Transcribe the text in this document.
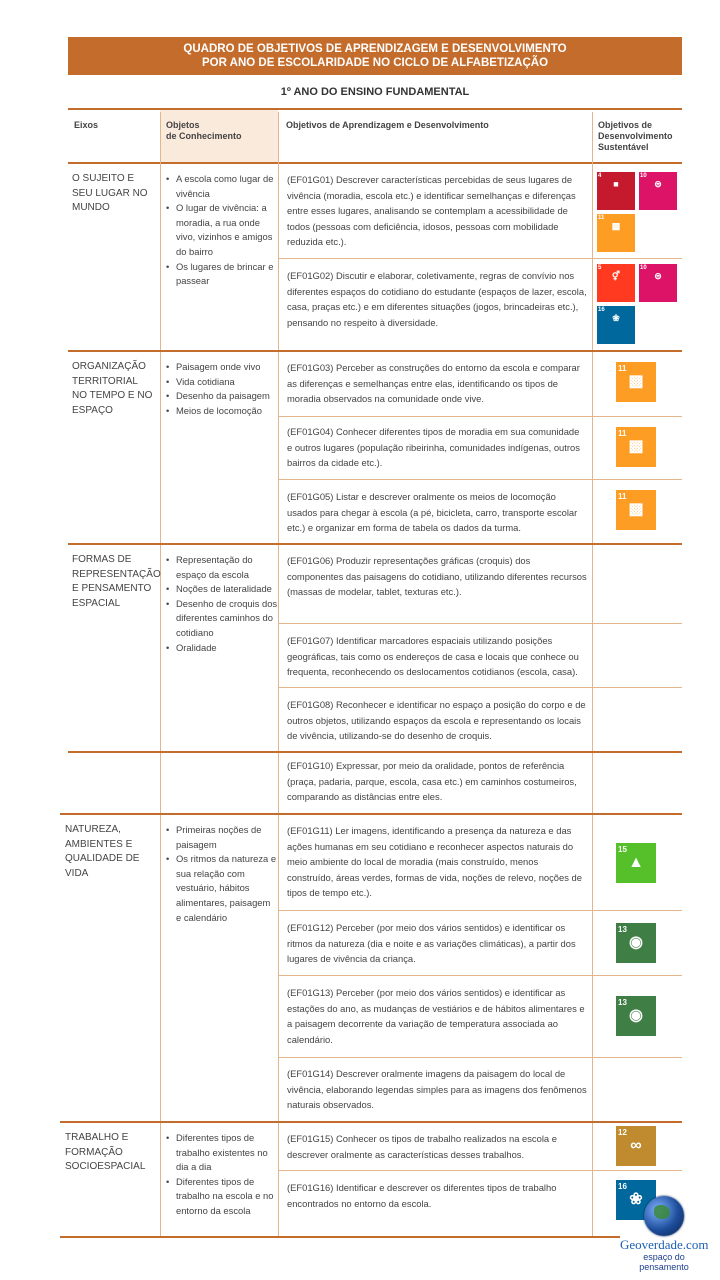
QUADRO DE OBJETIVOS DE APRENDIZAGEM E DESENVOLVIMENTO
POR ANO DE ESCOLARIDADE NO CICLO DE ALFABETIZAÇÃO
1º ANO DO ENSINO FUNDAMENTAL
Eixos	Objetos
de Conhecimento
Objetivos de Aprendizagem e Desenvolvimento	Objetivos de
Desenvolvimento
Sustentável
O SUJEITO E
SEU LUGAR NO
MUNDO
ORGANIZAÇÃO
TERRITORIAL
NO TEMPO E NO
ESPAÇO
FORMAS DE
REPRESENTAÇÃO
E PENSAMENTO
ESPACIAL
NATUREZA,
AMBIENTES E
QUALIDADE DE
VIDA
TRABALHO E
FORMAÇÃO
SOCIOESPACIAL
• A escola como lugar de vivência
• O lugar de vivência: a moradia, a rua onde vivo, vizinhos e amigos do bairro
• Os lugares de brincar e passear
• Paisagem onde vivo
• Vida cotidiana
• Desenho da paisagem
• Meios de locomoção
• Representação do espaço da escola
• Noções de lateralidade
• Desenho de croquis dos diferentes caminhos do cotidiano
• Oralidade
• Primeiras noções de paisagem
• Os ritmos da natureza e sua relação com vestuário, hábitos alimentares, paisagem e calendário
• Diferentes tipos de trabalho existentes no dia a dia
• Diferentes tipos de trabalho na escola e no entorno da escola
(EF01G01) Descrever características percebidas de seus lugares de vivência (moradia, escola etc.) e identificar semelhanças e diferenças entre esses lugares, analisando se contemplam a acessibilidade de todos (pessoas com deficiência, idosos, pessoas com mobilidade reduzida etc.).
(EF01G02) Discutir e elaborar, coletivamente, regras de convívio nos diferentes espaços do cotidiano do estudante (espaços de lazer, escola, casa, praças etc.) e em diferentes situações (jogos, brincadeiras etc.), pensando no respeito à diversidade.
(EF01G03) Perceber as construções do entorno da escola e comparar as diferenças e semelhanças entre elas, identificando os tipos de moradia observados na comunidade onde vive.
(EF01G04) Conhecer diferentes tipos de moradia em sua comunidade e outros lugares (população ribeirinha, comunidades indígenas, outros bairros da cidade etc.).
(EF01G05) Listar e descrever oralmente os meios de locomoção usados para chegar à escola (a pé, bicicleta, carro, transporte escolar etc.) e organizar em forma de tabela os dados da turma.
(EF01G06) Produzir representações gráficas (croquis) dos componentes das paisagens do cotidiano, utilizando diferentes recursos (massas de modelar, tablet, texturas etc.).
(EF01G07) Identificar marcadores espaciais utilizando posições geográficas, tais como os endereços de casa e locais que conhece ou frequenta, reconhecendo os deslocamentos cotidianos (escola, casa).
(EF01G08) Reconhecer e identificar no espaço a posição do corpo e de outros objetos, utilizando espaços da escola e representando os locais de vivência, utilizando-se do desenho de croquis.
(EF01G10) Expressar, por meio da oralidade, pontos de referência (praça, padaria, parque, escola, casa etc.) em caminhos costumeiros, comparando as distâncias entre eles.
(EF01G11) Ler imagens, identificando a presença da natureza e das ações humanas em seu cotidiano e reconhecer aspectos naturais do meio ambiente do local de moradia (mais construído, menos construído, áreas verdes, formas de vida, noções de relevo, noções de tipos de tempo etc.).
(EF01G12) Perceber (por meio dos vários sentidos) e identificar os ritmos da natureza (dia e noite e as variações climáticas), a partir dos lugares de vivência da criança.
(EF01G13) Perceber (por meio dos vários sentidos) e identificar as estações do ano, as mudanças de vestiários e de hábitos alimentares e a paisagem decorrente da variação de temperatura associada ao calendário.
(EF01G14) Descrever oralmente imagens da paisagem do local de vivência, elaborando legendas simples para as imagens dos fenômenos naturais observados.
(EF01G15) Conhecer os tipos de trabalho realizados na escola e descrever oralmente as características desses trabalhos.
(EF01G16) Identificar e descrever os diferentes tipos de trabalho encontrados no entorno da escola.
4
■
10
⊜
11
▩
5
⚥
10
⊜
16
❀
11
▩
11
▩
11
▩
15
▲
13
◉
13
◉
12
∞
16
❀
Geoverdade.com
espaço do pensamento
